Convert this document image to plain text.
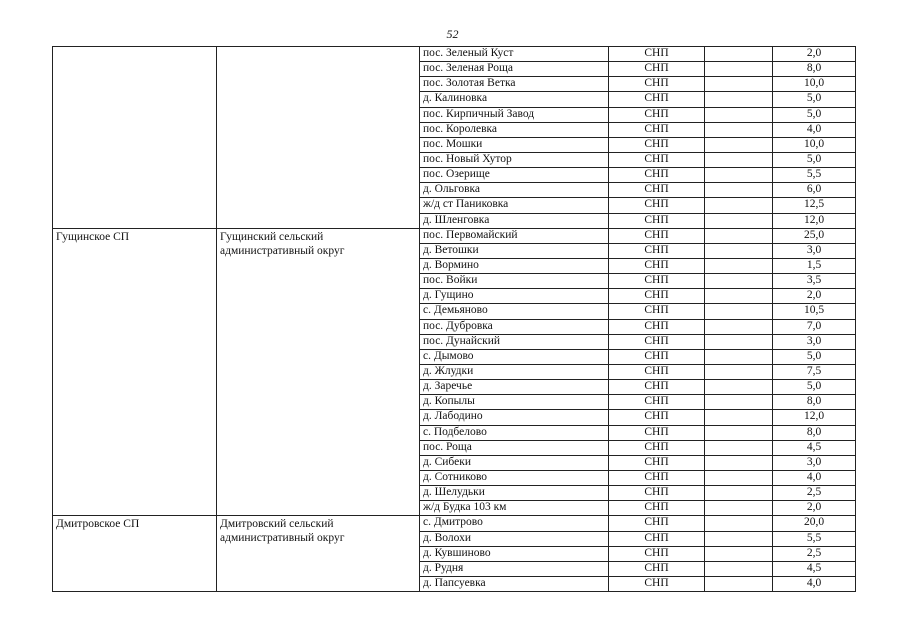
52
		пос. Зеленый Куст	СНП		2,0
		пос. Зеленая Роща	СНП		8,0
		пос. Золотая Ветка	СНП		10,0
		д. Калиновка	СНП		5,0
		пос. Кирпичный Завод	СНП		5,0
		пос. Королевка	СНП		4,0
		пос. Мошки	СНП		10,0
		пос. Новый Хутор	СНП		5,0
		пос. Озерище	СНП		5,5
		д. Ольговка	СНП		6,0
		ж/д ст Паниковка	СНП		12,5
		д. Шленговка	СНП		12,0
Гущинское СП	Гущинский сельский административный округ	пос. Первомайский	СНП		25,0
		д. Ветошки	СНП		3,0
		д. Вормино	СНП		1,5
		пос. Войки	СНП		3,5
		д. Гущино	СНП		2,0
		с. Демьяново	СНП		10,5
		пос. Дубровка	СНП		7,0
		пос. Дунайский	СНП		3,0
		с. Дымово	СНП		5,0
		д. Жлудки	СНП		7,5
		д. Заречье	СНП		5,0
		д. Копылы	СНП		8,0
		д. Лабодино	СНП		12,0
		с. Подбелово	СНП		8,0
		пос. Роща	СНП		4,5
		д. Сибеки	СНП		3,0
		д. Сотниково	СНП		4,0
		д. Шелудьки	СНП		2,5
		ж/д Будка 103 км	СНП		2,0
Дмитровское СП	Дмитровский сельский административный округ	с. Дмитрово	СНП		20,0
		д. Волохи	СНП		5,5
		д. Кувшиново	СНП		2,5
		д. Рудня	СНП		4,5
		д. Папсуевка	СНП		4,0
